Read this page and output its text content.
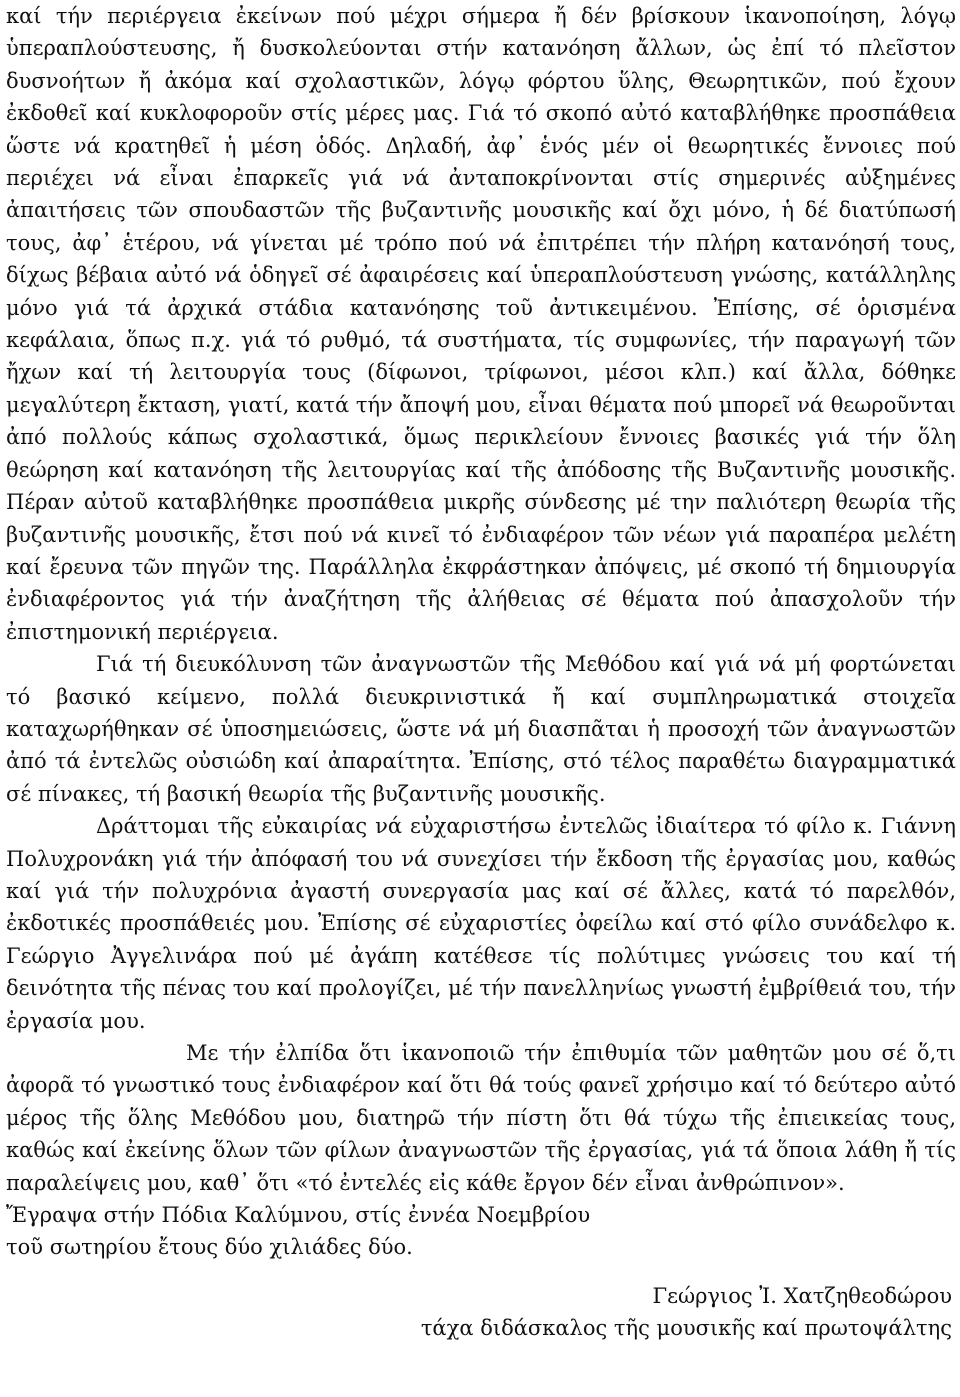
καί τήν περιέργεια ἐκείνων πού μέχρι σήμερα ἤ δέν βρίσκουν ἱκανοποίηση, λόγῳ ὑπεραπλούστευσης, ἤ δυσκολεύονται στήν κατανόηση ἄλλων, ὡς ἐπί τό πλεῖστον δυσνοήτων ἤ ἀκόμα καί σχολαστικῶν, λόγῳ φόρτου ὕλης, Θεωρητικῶν, πού ἔχουν ἐκδοθεῖ καί κυκλοφοροῦν στίς μέρες μας. Γιά τό σκοπό αὐτό καταβλήθηκε προσπάθεια ὥστε νά κρατηθεῖ ἡ μέση ὁδός. Δηλαδή, ἀφ᾽ ἑνός μέν οἱ θεωρητικές ἔννοιες πού περιέχει νά εἶναι ἐπαρκεῖς γιά νά ἀνταποκρίνονται στίς σημερινές αὐξημένες ἀπαιτήσεις τῶν σπουδαστῶν τῆς βυζαντινῆς μουσικῆς καί ὄχι μόνο, ἡ δέ διατύπωσή τους, ἀφ᾽ ἑτέρου, νά γίνεται μέ τρόπο πού νά ἐπιτρέπει τήν πλήρη κατανόησή τους, δίχως βέβαια αὐτό νά ὁδηγεῖ σέ ἀφαιρέσεις καί ὑπεραπλούστευση γνώσης, κατάλληλης μόνο γιά τά ἀρχικά στάδια κατανόησης τοῦ ἀντικειμένου. Ἐπίσης, σέ ὁρισμένα κεφάλαια, ὅπως π.χ. γιά τό ρυθμό, τά συστήματα, τίς συμφωνίες, τήν παραγωγή τῶν ἤχων καί τή λειτουργία τους (δίφωνοι, τρίφωνοι, μέσοι κλπ.) καί ἄλλα, δόθηκε μεγαλύτερη ἔκταση, γιατί, κατά τήν ἄποψή μου, εἶναι θέματα πού μπορεῖ νά θεωροῦνται ἀπό πολλούς κάπως σχολαστικά, ὅμως περικλείουν ἔννοιες βασικές γιά τήν ὅλη θεώρηση καί κατανόηση τῆς λειτουργίας καί τῆς ἀπόδοσης τῆς Βυζαντινῆς μουσικῆς. Πέραν αὐτοῦ καταβλήθηκε προσπάθεια μικρῆς σύνδεσης μέ την παλιότερη θεωρία τῆς βυζαντινῆς μουσικῆς, ἔτσι πού νά κινεῖ τό ἐνδιαφέρον τῶν νέων γιά παραπέρα μελέτη καί ἔρευνα τῶν πηγῶν της. Παράλληλα ἐκφράστηκαν ἀπόψεις, μέ σκοπό τή δημιουργία ἐνδιαφέροντος γιά τήν ἀναζήτηση τῆς ἀλήθειας σέ θέματα πού ἀπασχολοῦν τήν ἐπιστημονική περιέργεια.

Γιά τή διευκόλυνση τῶν ἀναγνωστῶν τῆς Μεθόδου καί γιά νά μή φορτώνεται τό βασικό κείμενο, πολλά διευκρινιστικά ἤ καί συμπληρωματικά στοιχεῖα καταχωρήθηκαν σέ ὑποσημειώσεις, ὥστε νά μή διασπᾶται ἡ προσοχή τῶν ἀναγνωστῶν ἀπό τά ἐντελῶς οὐσιώδη καί ἀπαραίτητα. Ἐπίσης, στό τέλος παραθέτω διαγραμματικά σέ πίνακες, τή βασική θεωρία τῆς βυζαντινῆς μουσικῆς.

Δράττομαι τῆς εὐκαιρίας νά εὐχαριστήσω ἐντελῶς ἰδιαίτερα τό φίλο κ. Γιάννη Πολυχρονάκη γιά τήν ἀπόφασή του νά συνεχίσει τήν ἔκδοση τῆς ἐργασίας μου, καθώς καί γιά τήν πολυχρόνια ἀγαστή συνεργασία μας καί σέ ἄλλες, κατά τό παρελθόν, ἐκδοτικές προσπάθειές μου. Ἐπίσης σέ εὐχαριστίες ὀφείλω καί στό φίλο συνάδελφο κ. Γεώργιο Ἀγγελινάρα πού μέ ἀγάπη κατέθεσε τίς πολύτιμες γνώσεις του καί τή δεινότητα τῆς πένας του καί προλογίζει, μέ τήν πανελληνίως γνωστή ἐμβρίθειά του, τήν ἐργασία μου.

Με τήν ἐλπίδα ὅτι ἱκανοποιῶ τήν ἐπιθυμία τῶν μαθητῶν μου σέ ὅ,τι ἀφορᾶ τό γνωστικό τους ἐνδιαφέρον καί ὅτι θά τούς φανεῖ χρήσιμο καί τό δεύτερο αὐτό μέρος τῆς ὅλης Μεθόδου μου, διατηρῶ τήν πίστη ὅτι θά τύχω τῆς ἐπιεικείας τους, καθώς καί ἐκείνης ὅλων τῶν φίλων ἀναγνωστῶν τῆς ἐργασίας, γιά τά ὅποια λάθη ἤ τίς παραλείψεις μου, καθ᾽ ὅτι «τό ἐντελές εἰς κάθε ἔργον δέν εἶναι ἀνθρώπινον».

Ἔγραψα στήν Πόδια Καλύμνου, στίς ἐννέα Νοεμβρίου

τοῦ σωτηρίου ἔτους δύο χιλιάδες δύο.

Γεώργιος Ἰ. Χατζηθεοδώρου

τάχα διδάσκαλος τῆς μουσικῆς καί πρωτοψάλτης
